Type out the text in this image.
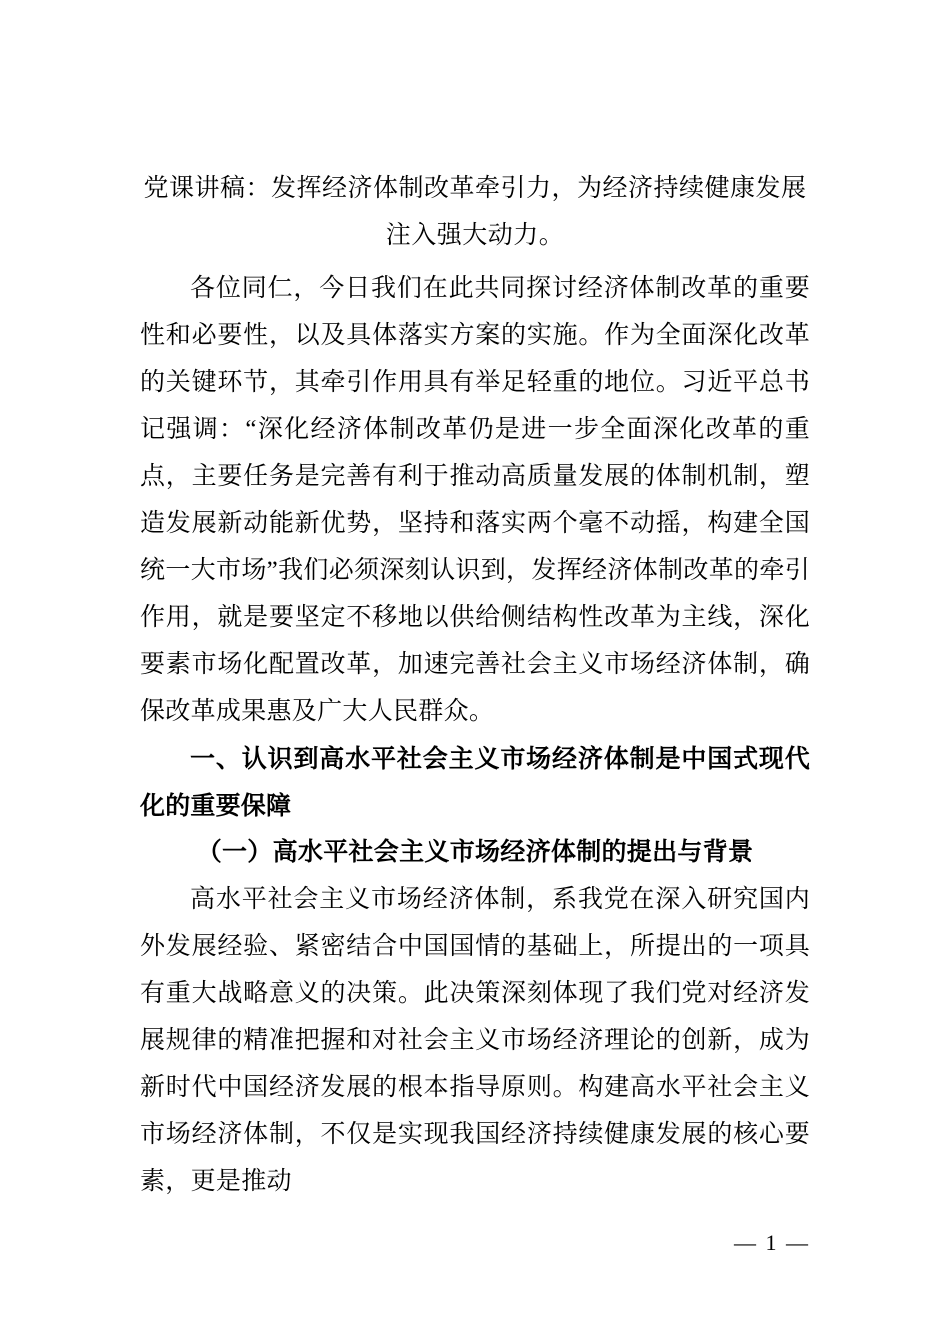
党课讲稿：发挥经济体制改革牵引力，为经济持续健康发展注入强大动力。

各位同仁，今日我们在此共同探讨经济体制改革的重要性和必要性，以及具体落实方案的实施。作为全面深化改革的关键环节，其牵引作用具有举足轻重的地位。习近平总书记强调：“深化经济体制改革仍是进一步全面深化改革的重点，主要任务是完善有利于推动高质量发展的体制机制，塑造发展新动能新优势，坚持和落实两个毫不动摇，构建全国统一大市场”我们必须深刻认识到，发挥经济体制改革的牵引作用，就是要坚定不移地以供给侧结构性改革为主线，深化要素市场化配置改革，加速完善社会主义市场经济体制，确保改革成果惠及广大人民群众。

一、认识到高水平社会主义市场经济体制是中国式现代化的重要保障

（一）高水平社会主义市场经济体制的提出与背景

高水平社会主义市场经济体制，系我党在深入研究国内外发展经验、紧密结合中国国情的基础上，所提出的一项具有重大战略意义的决策。此决策深刻体现了我们党对经济发展规律的精准把握和对社会主义市场经济理论的创新，成为新时代中国经济发展的根本指导原则。构建高水平社会主义市场经济体制，不仅是实现我国经济持续健康发展的核心要素，更是推动

— 1 —
